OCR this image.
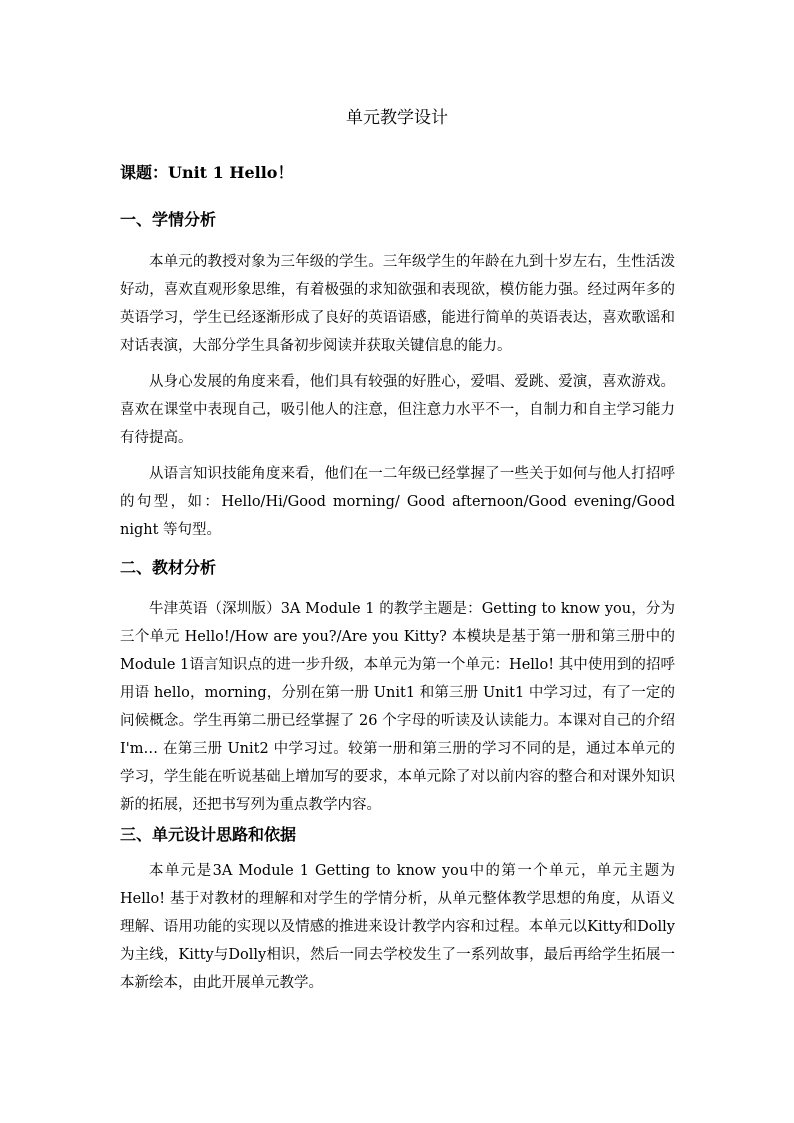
单元教学设计
课题：Unit 1 Hello！
一、学情分析

本单元的教授对象为三年级的学生。三年级学生的年龄在九到十岁左右，生性活泼好动，喜欢直观形象思维，有着极强的求知欲强和表现欲，模仿能力强。经过两年多的英语学习，学生已经逐渐形成了良好的英语语感，能进行简单的英语表达，喜欢歌谣和对话表演，大部分学生具备初步阅读并获取关键信息的能力。

从身心发展的角度来看，他们具有较强的好胜心，爱唱、爱跳、爱演，喜欢游戏。喜欢在课堂中表现自己，吸引他人的注意，但注意力水平不一，自制力和自主学习能力有待提高。

从语言知识技能角度来看，他们在一二年级已经掌握了一些关于如何与他人打招呼的句型，如：Hello/Hi/Good morning/ Good afternoon/Good evening/Good night 等句型。

二、教材分析

牛津英语（深圳版）3A Module 1 的教学主题是：Getting to know you，分为三个单元 Hello!/How are you?/Are you Kitty? 本模块是基于第一册和第三册中的Module 1语言知识点的进一步升级，本单元为第一个单元：Hello! 其中使用到的招呼用语 hello，morning，分别在第一册 Unit1 和第三册 Unit1 中学习过，有了一定的问候概念。学生再第二册已经掌握了 26 个字母的听读及认读能力。本课对自己的介绍 I'm… 在第三册 Unit2 中学习过。较第一册和第三册的学习不同的是，通过本单元的学习，学生能在听说基础上增加写的要求，本单元除了对以前内容的整合和对课外知识新的拓展，还把书写列为重点教学内容。

三、单元设计思路和依据

本单元是3A Module 1 Getting to know you中的第一个单元，单元主题为Hello! 基于对教材的理解和对学生的学情分析，从单元整体教学思想的角度，从语义理解、语用功能的实现以及情感的推进来设计教学内容和过程。本单元以Kitty和Dolly为主线，Kitty与Dolly相识，然后一同去学校发生了一系列故事，最后再给学生拓展一本新绘本，由此开展单元教学。
